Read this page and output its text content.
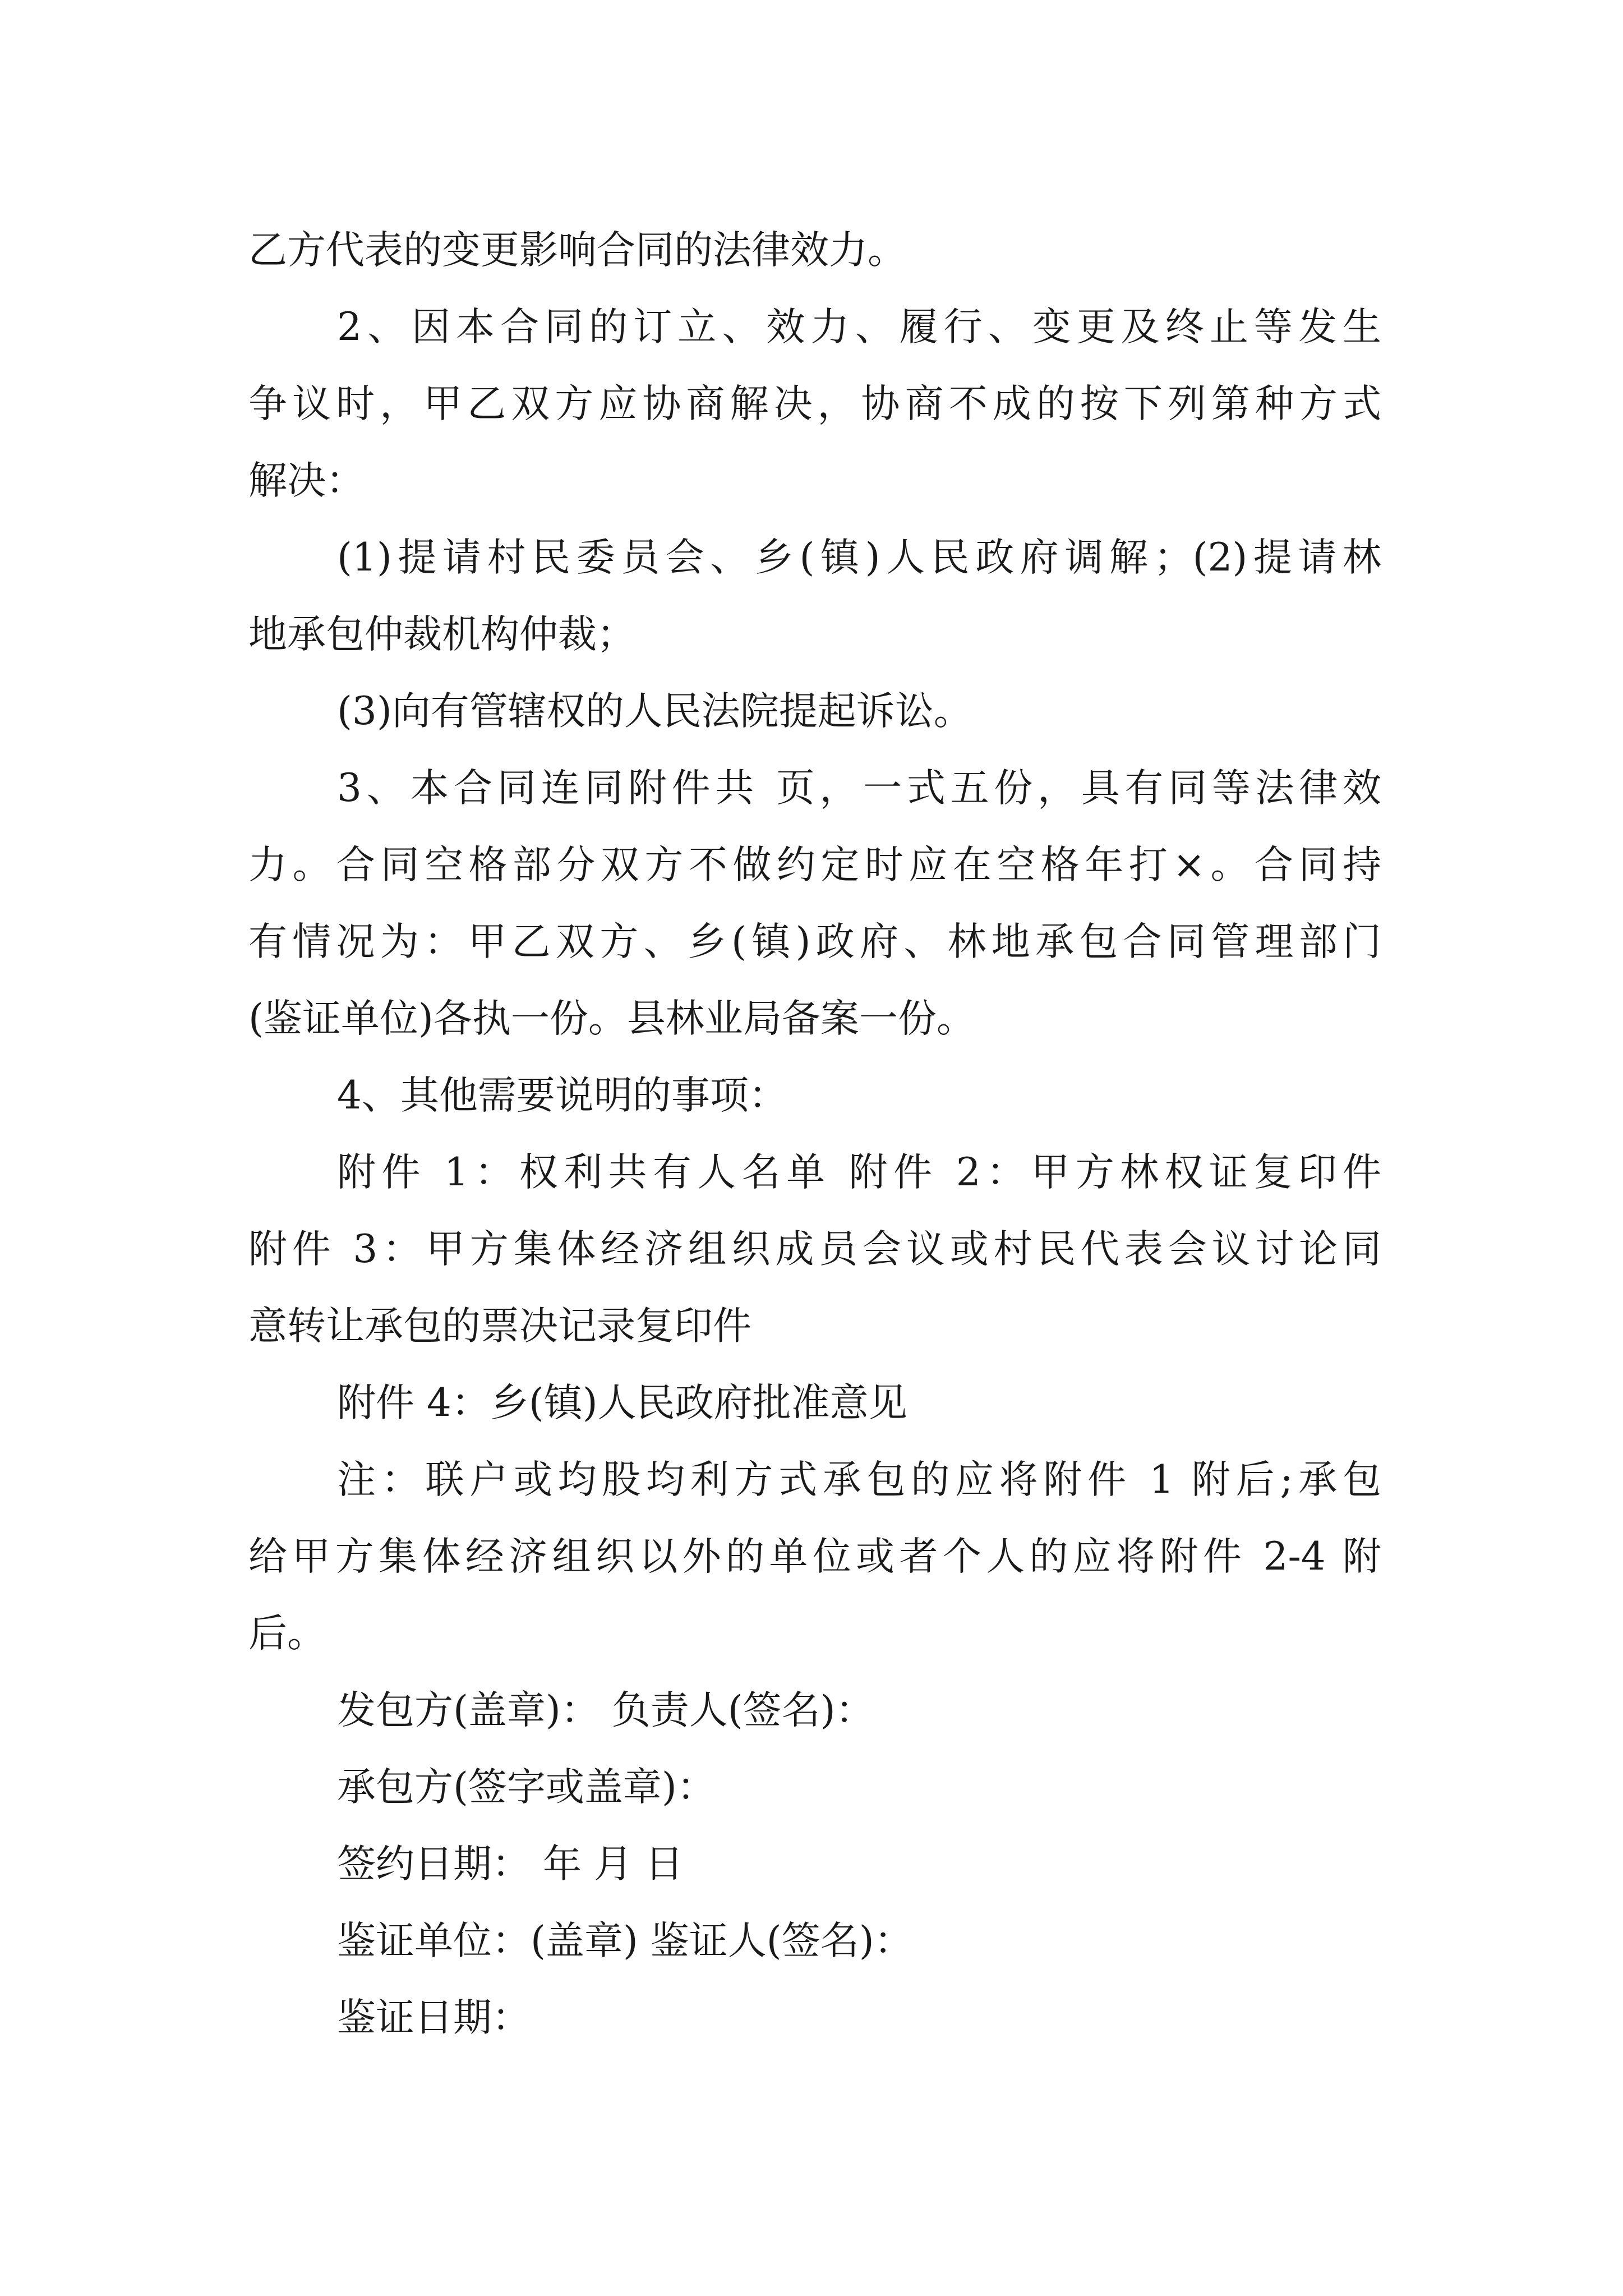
乙方代表的变更影响合同的法律效力。
2、因本合同的订立、效力、履行、变更及终止等发生
争议时，甲乙双方应协商解决，协商不成的按下列第种方式
解决：
(1)提请村民委员会、乡(镇)人民政府调解；(2)提请林
地承包仲裁机构仲裁；
(3)向有管辖权的人民法院提起诉讼。
3、本合同连同附件共 页，一式五份，具有同等法律效
力。合同空格部分双方不做约定时应在空格年打×。合同持
有情况为：甲乙双方、乡(镇)政府、林地承包合同管理部门
(鉴证单位)各执一份。县林业局备案一份。
4、其他需要说明的事项：
附件 1：权利共有人名单 附件 2：甲方林权证复印件
附件 3：甲方集体经济组织成员会议或村民代表会议讨论同
意转让承包的票决记录复印件
附件 4：乡(镇)人民政府批准意见
注：联户或均股均利方式承包的应将附件 1 附后;承包
给甲方集体经济组织以外的单位或者个人的应将附件 2-4 附
后。
发包方(盖章)： 负责人(签名)：
承包方(签字或盖章)：
签约日期： 年 月 日
鉴证单位：(盖章) 鉴证人(签名)：
鉴证日期：
